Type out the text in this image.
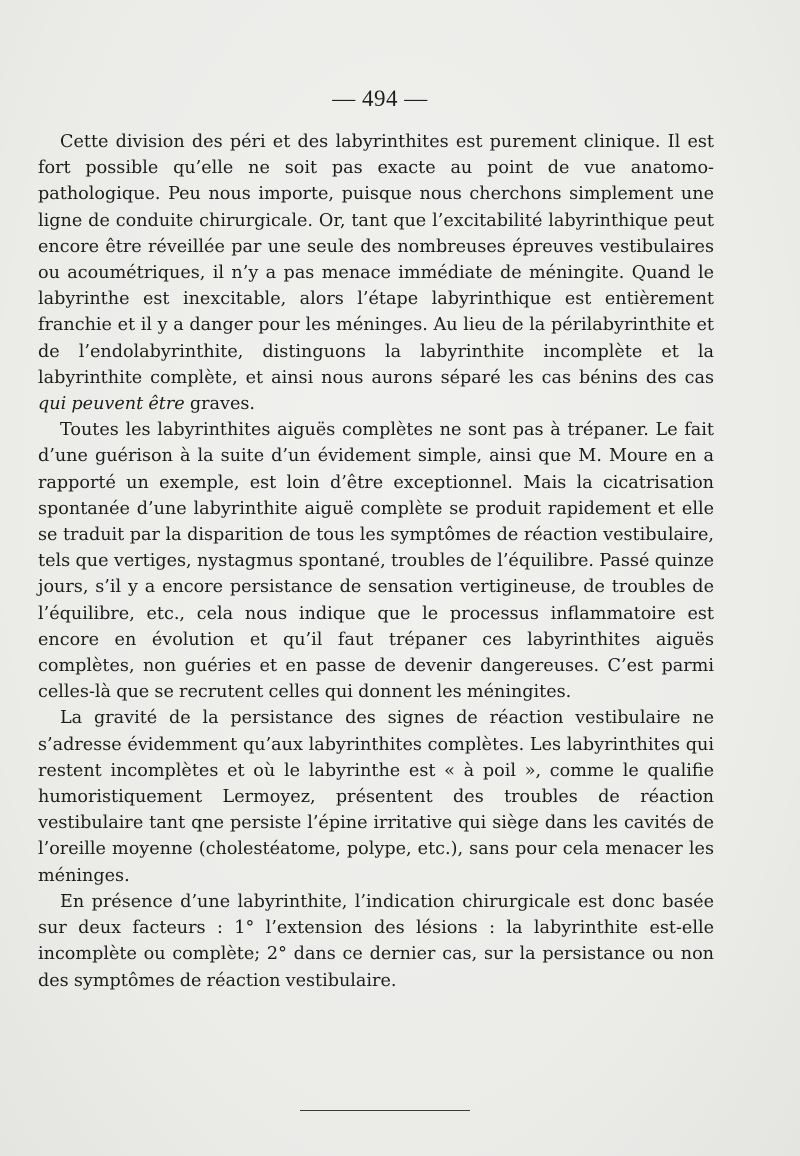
— 494 —

Cette division des péri et des labyrinthites est purement clinique. Il est fort possible qu’elle ne soit pas exacte au point de vue anatomopathologique. Peu nous importe, puisque nous cherchons simplement une ligne de conduite chirurgicale. Or, tant que l’excitabilité labyrinthique peut encore être réveillée par une seule des nombreuses épreuves vestibulaires ou acoumétriques, il n’y a pas menace immédiate de méningite. Quand le labyrinthe est inexcitable, alors l’étape labyrinthique est entièrement franchie et il y a danger pour les méninges. Au lieu de la périlabyrinthite et de l’endolabyrinthite, distinguons la labyrinthite incomplète et la labyrinthite complète, et ainsi nous aurons séparé les cas bénins des cas qui peuvent être graves.

Toutes les labyrinthites aiguës complètes ne sont pas à trépaner. Le fait d’une guérison à la suite d’un évidement simple, ainsi que M. Moure en a rapporté un exemple, est loin d’être exceptionnel. Mais la cicatrisation spontanée d’une labyrinthite aiguë complète se produit rapidement et elle se traduit par la disparition de tous les symptômes de réaction vestibulaire, tels que vertiges, nystagmus spontané, troubles de l’équilibre. Passé quinze jours, s’il y a encore persistance de sensation vertigineuse, de troubles de l’équilibre, etc., cela nous indique que le processus inflammatoire est encore en évolution et qu’il faut trépaner ces labyrinthites aiguës complètes, non guéries et en passe de devenir dangereuses. C’est parmi celles-là que se recrutent celles qui donnent les méningites.

La gravité de la persistance des signes de réaction vestibulaire ne s’adresse évidemment qu’aux labyrinthites complètes. Les labyrinthites qui restent incomplètes et où le labyrinthe est « à poil », comme le qualifie humoristiquement Lermoyez, présentent des troubles de réaction vestibulaire tant qne persiste l’épine irritative qui siège dans les cavités de l’oreille moyenne (cholestéatome, polype, etc.), sans pour cela menacer les méninges.

En présence d’une labyrinthite, l’indication chirurgicale est donc basée sur deux facteurs : 1° l’extension des lésions : la labyrinthite est-elle incomplète ou complète; 2° dans ce dernier cas, sur la persistance ou non des symptômes de réaction vestibulaire.
